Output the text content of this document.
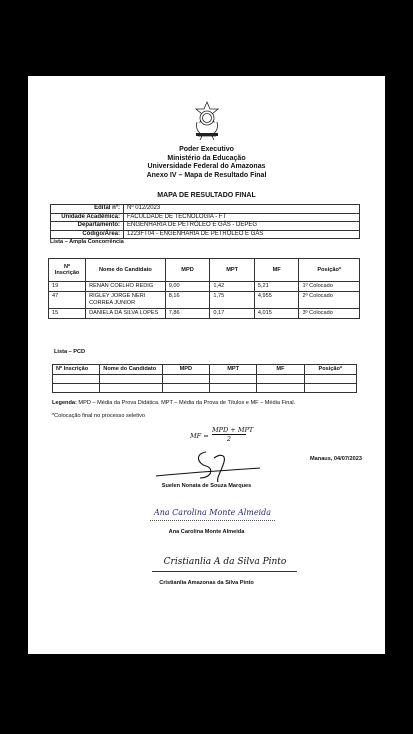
Poder Executivo
Ministério da Educação
Universidade Federal do Amazonas
Anexo IV – Mapa de Resultado Final
MAPA DE RESULTADO FINAL
Edital nº:	Nº 012/2023
Unidade Acadêmica:	FACULDADE DE TECNOLOGIA - FT
Departamento:	ENGENHARIA DE PETRÓLEO E GÁS - DEPEG
Código/Área:	1223FT04 - ENGENHARIA DE PETRÓLEO E GÁS
Lista – Ampla Concorrência
Nº Inscrição	Nome do Candidato	MPD	MPT	MF	Posição*
19	RENAN COELHO REDIG	9,00	1,42	5,21	1º Colocado
47	RIGLEY JORGE NERI CORREA JUNIOR	8,16	1,75	4,955	2º Colocado
15	DANIELA DA SILVA LOPES	7,86	0,17	4,015	3º Colocado
Lista – PCD
Nº Inscrição	Nome do Candidato	MPD	MPT	MF	Posição*

Legenda: MPD – Média da Prova Didática. MPT – Média da Prova de Títulos e MF – Média Final.
*Colocação final no processo seletivo
MF =
MPD + MPT
2
Manaus, 04/07/2023
Suelen Nonata de Souza Marques
Ana Carolina Monte Almeida
Ana Carolina Monte Almeida
Cristianlia A da Silva Pinto
Cristianlia Amazonas da Silva Pinto
